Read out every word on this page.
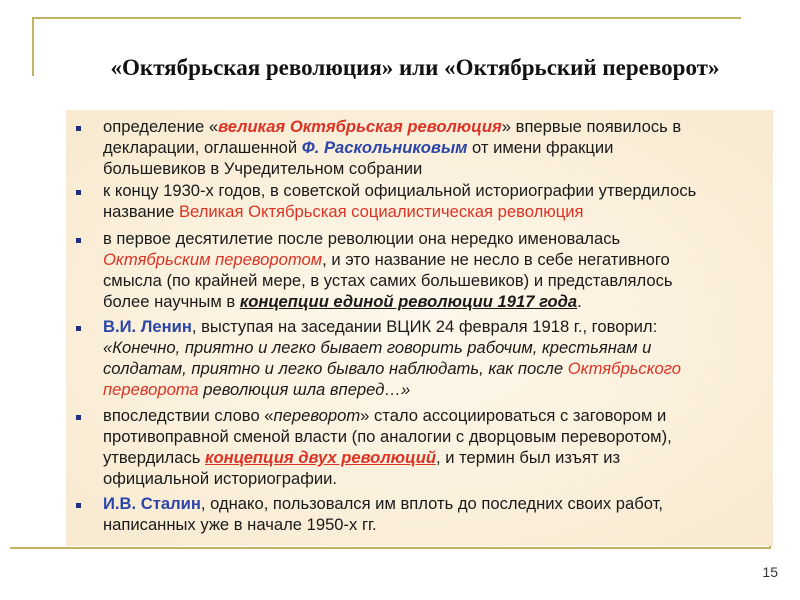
«Октябрьская революция» или «Октябрьский переворот»
определение «великая Октябрьская революция» впервые появилось в
декларации, оглашенной Ф. Раскольниковым от имени фракции
большевиков в Учредительном собрании
к концу 1930-х годов, в советской официальной историографии утвердилось
название Великая Октябрьская социалистическая революция
в первое десятилетие после революции она нередко именовалась
Октябрьским переворотом, и это название не несло в себе негативного
смысла (по крайней мере, в устах самих большевиков) и представлялось
более научным в концепции единой революции 1917 года.
В.И. Ленин, выступая на заседании ВЦИК 24 февраля 1918 г., говорил:
«Конечно, приятно и легко бывает говорить рабочим, крестьянам и
солдатам, приятно и легко бывало наблюдать, как после Октябрьского
переворота революция шла вперед…»
впоследствии слово «переворот» стало ассоциироваться с заговором и
противоправной сменой власти (по аналогии с дворцовым переворотом),
утвердилась концепция двух революций, и термин был изъят из
официальной историографии.
И.В. Сталин, однако, пользовался им вплоть до последних своих работ,
написанных уже в начале 1950-х гг.
15
